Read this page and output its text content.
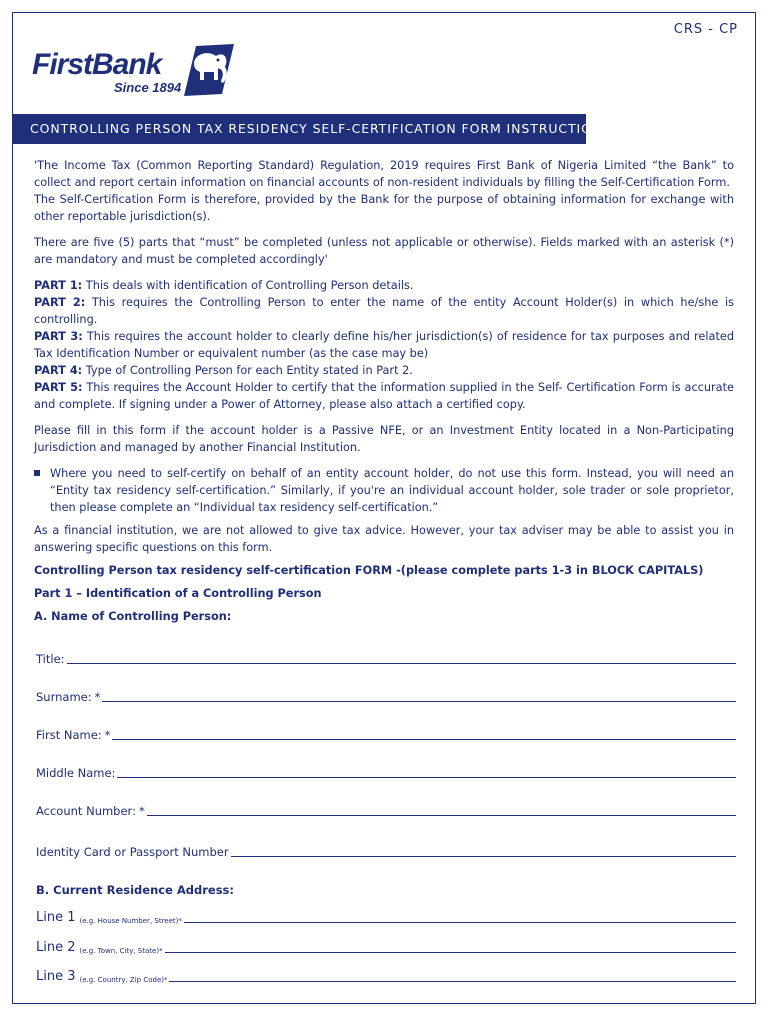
CRS - CP
FirstBank
Since 1894
CONTROLLING PERSON TAX RESIDENCY SELF-CERTIFICATION FORM INSTRUCTIONS

'The Income Tax (Common Reporting Standard) Regulation, 2019 requires First Bank of Nigeria Limited “the Bank” to collect and report certain information on financial accounts of non-resident individuals by filling the Self-Certification Form.

The Self-Certification Form is therefore, provided by the Bank for the purpose of obtaining information for exchange with other reportable jurisdiction(s).

There are five (5) parts that “must” be completed (unless not applicable or otherwise). Fields marked with an asterisk (*) are mandatory and must be completed accordingly'

PART 1: This deals with identification of Controlling Person details.

PART 2: This requires the Controlling Person to enter the name of the entity Account Holder(s) in which he/she is controlling.

PART 3: This requires the account holder to clearly define his/her jurisdiction(s) of residence for tax purposes and related Tax Identification Number or equivalent number (as the case may be)

PART 4: Type of Controlling Person for each Entity stated in Part 2.

PART 5: This requires the Account Holder to certify that the information supplied in the Self- Certification Form is accurate and complete. If signing under a Power of Attorney, please also attach a certified copy.

Please fill in this form if the account holder is a Passive NFE, or an Investment Entity located in a Non-Participating Jurisdiction and managed by another Financial Institution.

Where you need to self-certify on behalf of an entity account holder, do not use this form. Instead, you will need an “Entity tax residency self-certification.” Similarly, if you're an individual account holder, sole trader or sole proprietor, then please complete an “Individual tax residency self-certification.”

As a financial institution, we are not allowed to give tax advice. However, your tax adviser may be able to assist you in answering specific questions on this form.

Controlling Person tax residency self-certification FORM -(please complete parts 1-3 in BLOCK CAPITALS)

Part 1 – Identification of a Controlling Person

A. Name of Controlling Person:

Title:
Surname: *
First Name: *
Middle Name:
Account Number: *
Identity Card or Passport Number
B. Current Residence Address:
Line 1 (e.g. House Number, Street)*
Line 2 (e.g. Town, City, State)*
Line 3 (e.g. Country, Zip Code)*
